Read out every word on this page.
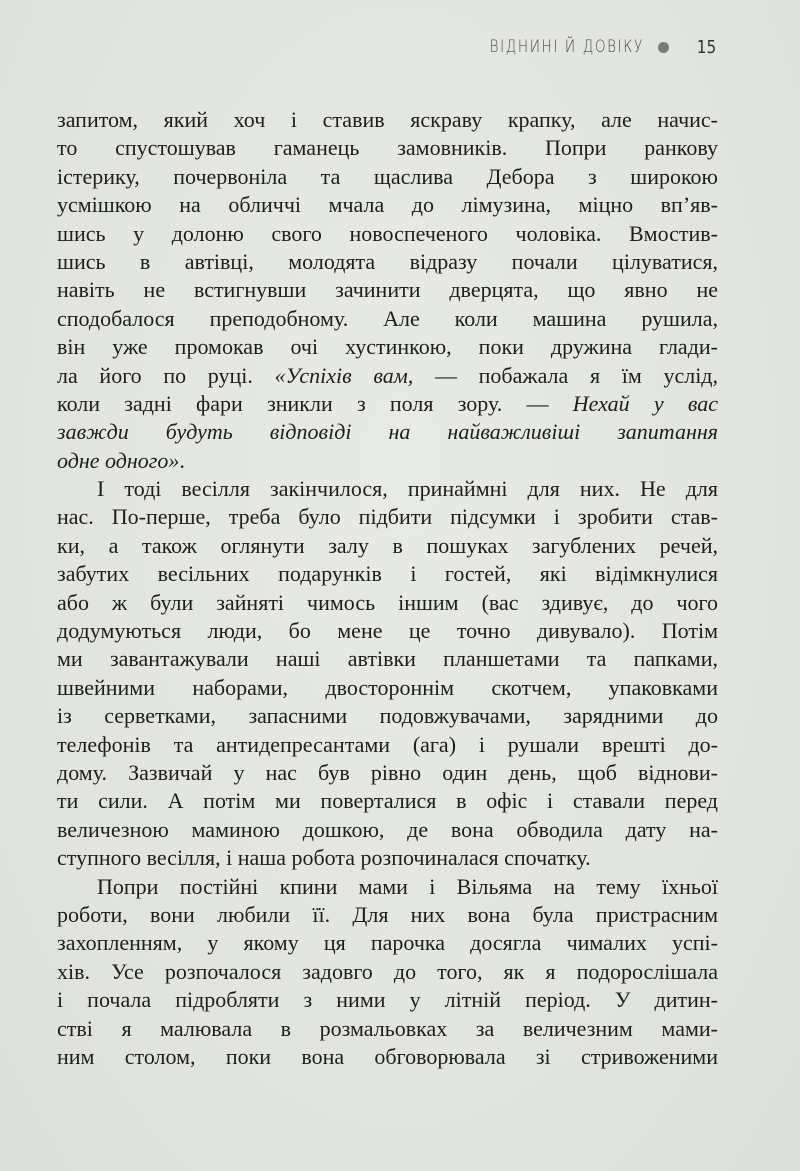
ВІДНИНІ Й ДОВІКУ	15
запитом, який хоч і ставив яскраву крапку, але начис-
то спустошував гаманець замовників. Попри ранкову
істерику, почервоніла та щаслива Дебора з широкою
усмішкою на обличчі мчала до лімузина, міцно вп’яв-
шись у долоню свого новоспеченого чоловіка. Вмостив-
шись в автівці, молодята відразу почали цілуватися,
навіть не встигнувши зачинити дверцята, що явно не
сподобалося преподобному. Але коли машина рушила,
він уже промокав очі хустинкою, поки дружина глади-
ла його по руці. «Успіхів вам, — побажала я їм услід,
коли задні фари зникли з поля зору. — Нехай у вас
завжди будуть відповіді на найважливіші запитання
одне одного».
І тоді весілля закінчилося, принаймні для них. Не для
нас. По-перше, треба було підбити підсумки і зробити став-
ки, а також оглянути залу в пошуках загублених речей,
забутих весільних подарунків і гостей, які відімкнулися
або ж були зайняті чимось іншим (вас здивує, до чого
додумуються люди, бо мене це точно дивувало). Потім
ми завантажували наші автівки планшетами та папками,
швейними наборами, двостороннім скотчем, упаковками
із серветками, запасними подовжувачами, зарядними до
телефонів та антидепресантами (ага) і рушали врешті до-
дому. Зазвичай у нас був рівно один день, щоб віднови-
ти сили. А потім ми поверталися в офіс і ставали перед
величезною маминою дошкою, де вона обводила дату на-
ступного весілля, і наша робота розпочиналася спочатку.
Попри постійні кпини мами і Вільяма на тему їхньої
роботи, вони любили її. Для них вона була пристрасним
захопленням, у якому ця парочка досягла чималих успі-
хів. Усе розпочалося задовго до того, як я подорослішала
і почала підробляти з ними у літній період. У дитин-
стві я малювала в розмальовках за величезним мами-
ним столом, поки вона обговорювала зі стривоженими
